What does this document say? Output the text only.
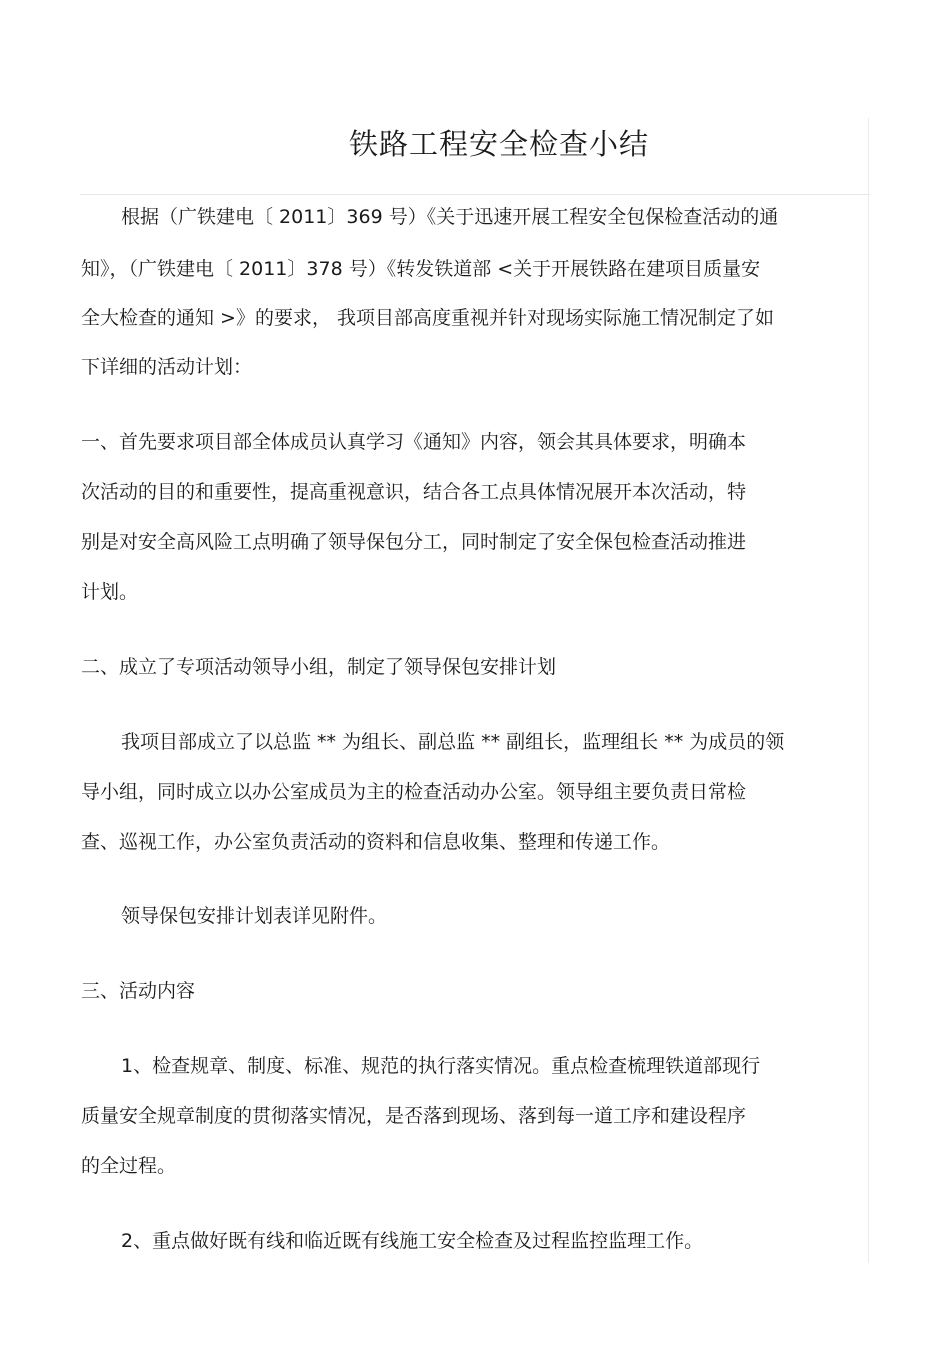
铁路工程安全检查小结

根据（广铁建电〔 2011〕369 号）《关于迅速开展工程安全包保检查活动的通

知》，（广铁建电〔 2011〕378 号）《转发铁道部 <关于开展铁路在建项目质量安

全大检查的通知 >》的要求， 我项目部高度重视并针对现场实际施工情况制定了如

下详细的活动计划：

一、首先要求项目部全体成员认真学习《通知》内容，领会其具体要求，明确本

次活动的目的和重要性，提高重视意识，结合各工点具体情况展开本次活动，特

别是对安全高风险工点明确了领导保包分工，同时制定了安全保包检查活动推进

计划。

二、成立了专项活动领导小组，制定了领导保包安排计划

我项目部成立了以总监 ** 为组长、副总监 ** 副组长，监理组长 ** 为成员的领

导小组，同时成立以办公室成员为主的检查活动办公室。领导组主要负责日常检

查、巡视工作，办公室负责活动的资料和信息收集、整理和传递工作。

领导保包安排计划表详见附件。

三、活动内容

1、检查规章、制度、标准、规范的执行落实情况。重点检查梳理铁道部现行

质量安全规章制度的贯彻落实情况，是否落到现场、落到每一道工序和建设程序

的全过程。

2、重点做好既有线和临近既有线施工安全检查及过程监控监理工作。
